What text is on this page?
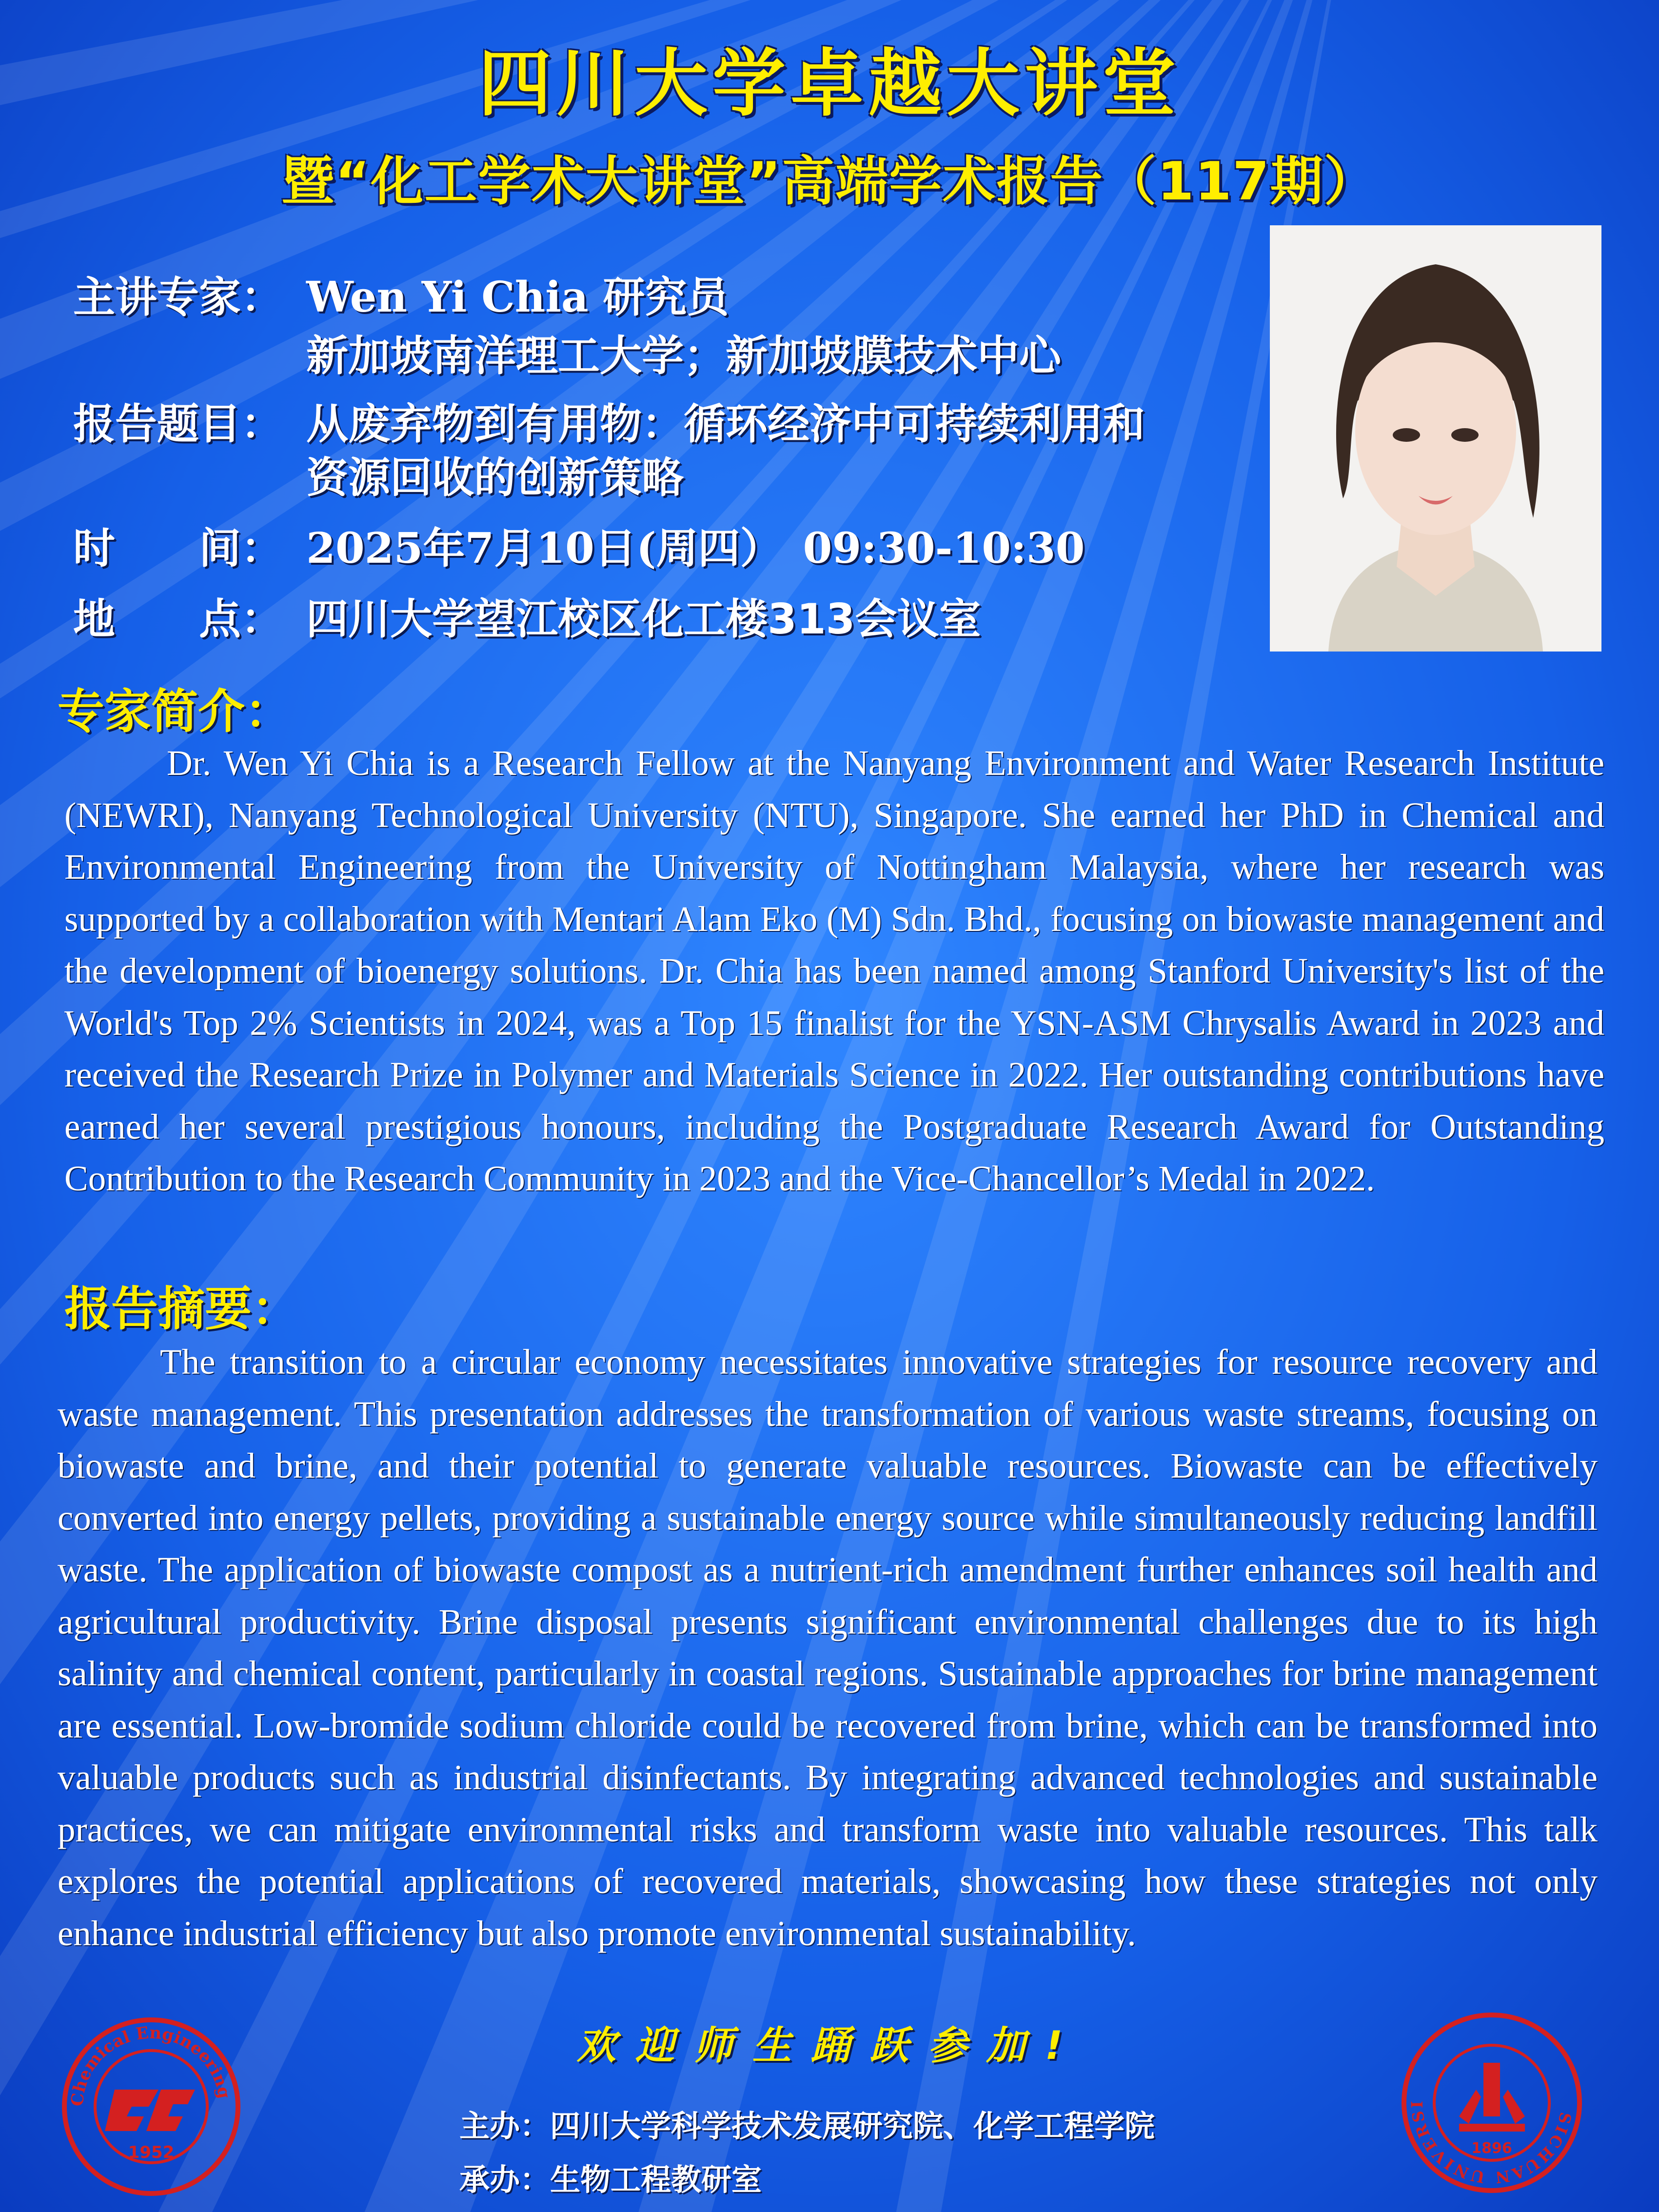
四川大学卓越大讲堂
暨“化工学术大讲堂”高端学术报告（117期）
主讲专家： Wen Yi Chia 研究员
新加坡南洋理工大学；新加坡膜技术中心
报告题目： 从废弃物到有用物：循环经济中可持续利用和
资源回收的创新策略
时　　间： 2025年7月10日(周四）　09:30-10:30
地　　点： 四川大学望江校区化工楼313会议室
专家简介：
Dr. Wen Yi Chia is a Research Fellow at the Nanyang Environment and Water Research Institute (NEWRI), Nanyang Technological University (NTU), Singapore. She earned her PhD in Chemical and Environmental Engineering from the University of Nottingham Malaysia, where her research was supported by a collaboration with Mentari Alam Eko (M) Sdn. Bhd., focusing on biowaste management and the development of bioenergy solutions. Dr. Chia has been named among Stanford University's list of the World's Top 2% Scientists in 2024, was a Top 15 finalist for the YSN-ASM Chrysalis Award in 2023 and received the Research Prize in Polymer and Materials Science in 2022. Her outstanding contributions have earned her several prestigious honours, including the Postgraduate Research Award for Outstanding Contribution to the Research Community in 2023 and the Vice-Chancellor’s Medal in 2022.
报告摘要：
The transition to a circular economy necessitates innovative strategies for resource recovery and waste management. This presentation addresses the transformation of various waste streams, focusing on biowaste and brine, and their potential to generate valuable resources. Biowaste can be effectively converted into energy pellets, providing a sustainable energy source while simultaneously reducing landfill waste. The application of biowaste compost as a nutrient-rich amendment further enhances soil health and agricultural productivity. Brine disposal presents significant environmental challenges due to its high salinity and chemical content, particularly in coastal regions. Sustainable approaches for brine management are essential. Low-bromide sodium chloride could be recovered from brine, which can be transformed into valuable products such as industrial disinfectants. By integrating advanced technologies and sustainable practices, we can mitigate environmental risks and transform waste into valuable resources. This talk explores the potential applications of recovered materials, showcasing how these strategies not only enhance industrial efficiency but also promote environmental sustainability.
欢迎师生踊跃参加!
主办：四川大学科学技术发展研究院、化学工程学院
承办：生物工程教研室
Chemical Engineering
1952
SICHUAN UNIVERSI
1896
